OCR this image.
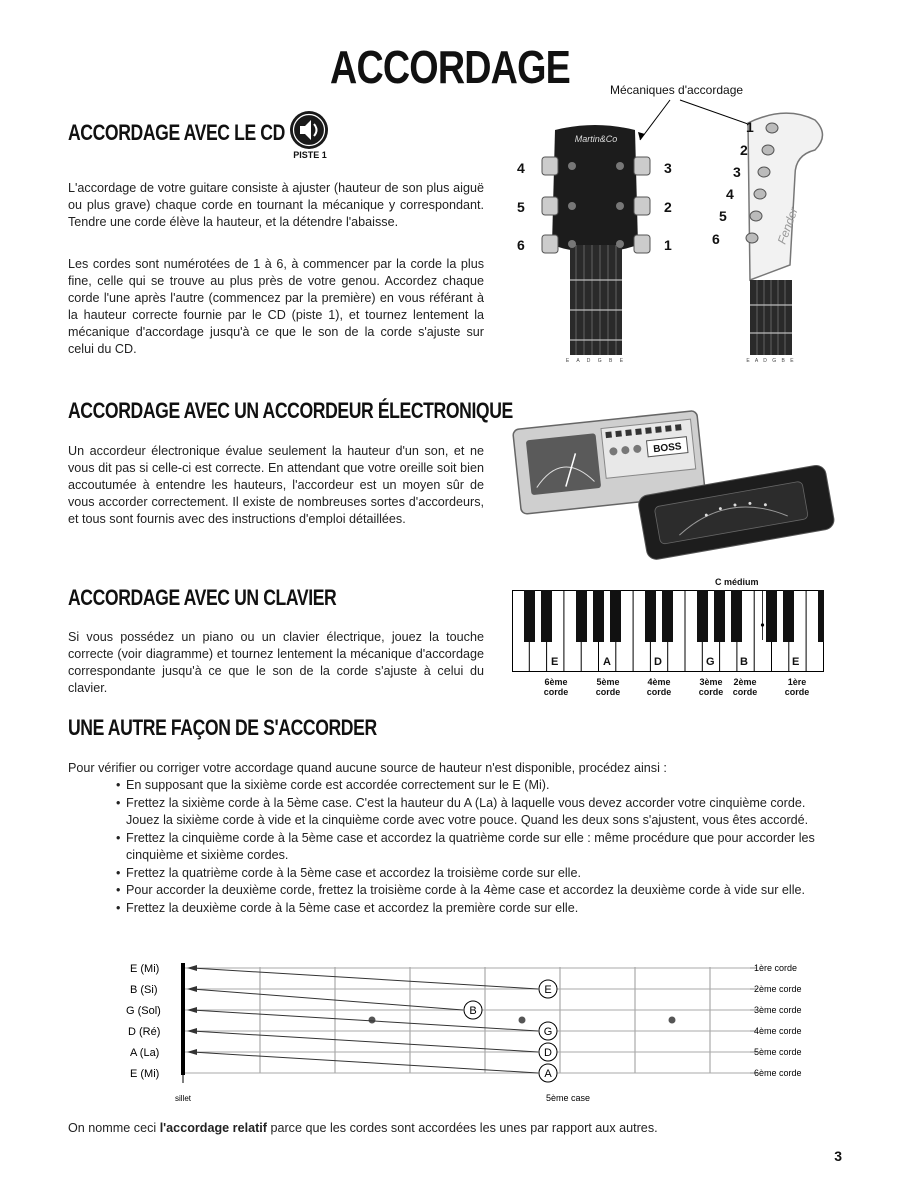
ACCORDAGE
ACCORDAGE AVEC LE CD
PISTE 1
L'accordage de votre guitare consiste à ajuster (hauteur de son plus aiguë ou plus grave) chaque corde en tournant la mécanique y correspondant. Tendre une corde élève la hauteur, et la détendre l'abaisse.
Les cordes sont numérotées de 1 à 6, à commencer par la corde la plus fine, celle qui se trouve au plus près de votre genou. Accordez chaque corde l'une après l'autre (commencez par la première) en vous référant à la hauteur correcte fournie par le CD (piste 1), et tournez lentement la mécanique d'accordage jusqu'à ce que le son de la corde s'ajuste sur celui du CD.
Mécaniques d'accordage
Martin&Co
E A D G B E
Fender
E A D G B E
4
5
6
3
2
1
1
2
3
4
5
6
ACCORDAGE AVEC UN ACCORDEUR ÉLECTRONIQUE
Un accordeur électronique évalue seulement la hauteur d'un son, et ne vous dit pas si celle-ci est correcte. En attendant que votre oreille soit bien accoutumée à entendre les hauteurs, l'accordeur est un moyen sûr de vous accorder correctement. Il existe de nombreuses sortes d'accordeurs, et tous sont fournis avec des instructions d'emploi détaillées.
BOSS
ACCORDAGE AVEC UN CLAVIER
Si vous possédez un piano ou un clavier électrique, jouez la touche correcte (voir diagramme) et tournez lentement la mécanique d'accordage correspondante jusqu'à ce que le son de la corde s'ajuste à celui du clavier.
C médium
E	A	D	G B	E
6ème
corde
5ème
corde
4ème
corde
3ème
corde
2ème
corde
1ère
corde
UNE AUTRE FAÇON DE S'ACCORDER
Pour vérifier ou corriger votre accordage quand aucune source de hauteur n'est disponible, procédez ainsi :
• En supposant que la sixième corde est accordée correctement sur le E (Mi).
• Frettez la sixième corde à la 5ème case. C'est la hauteur du A (La) à laquelle vous devez accorder votre cinquième corde. Jouez la sixième corde à vide et la cinquième corde avec votre pouce. Quand les deux sons s'ajustent, vous êtes accordé.
• Frettez la cinquième corde à la 5ème case et accordez la quatrième corde sur elle : même procédure que pour accorder les cinquième et sixième cordes.
• Frettez la quatrième corde à la 5ème case et accordez la troisième corde sur elle.
• Pour accorder la deuxième corde, frettez la troisième corde à la 4ème case et accordez la deuxième corde à vide sur elle.
• Frettez la deuxième corde à la 5ème case et accordez la première corde sur elle.
E (Mi)
B (Si)
G (Sol)
D (Ré)
A (La)
E (Mi)
E
B
G
D
A
1ère corde
2ème corde
3ème corde
4ème corde
5ème corde
6ème corde
sillet	5ème case
On nomme ceci l'accordage relatif parce que les cordes sont accordées les unes par rapport aux autres.
3
